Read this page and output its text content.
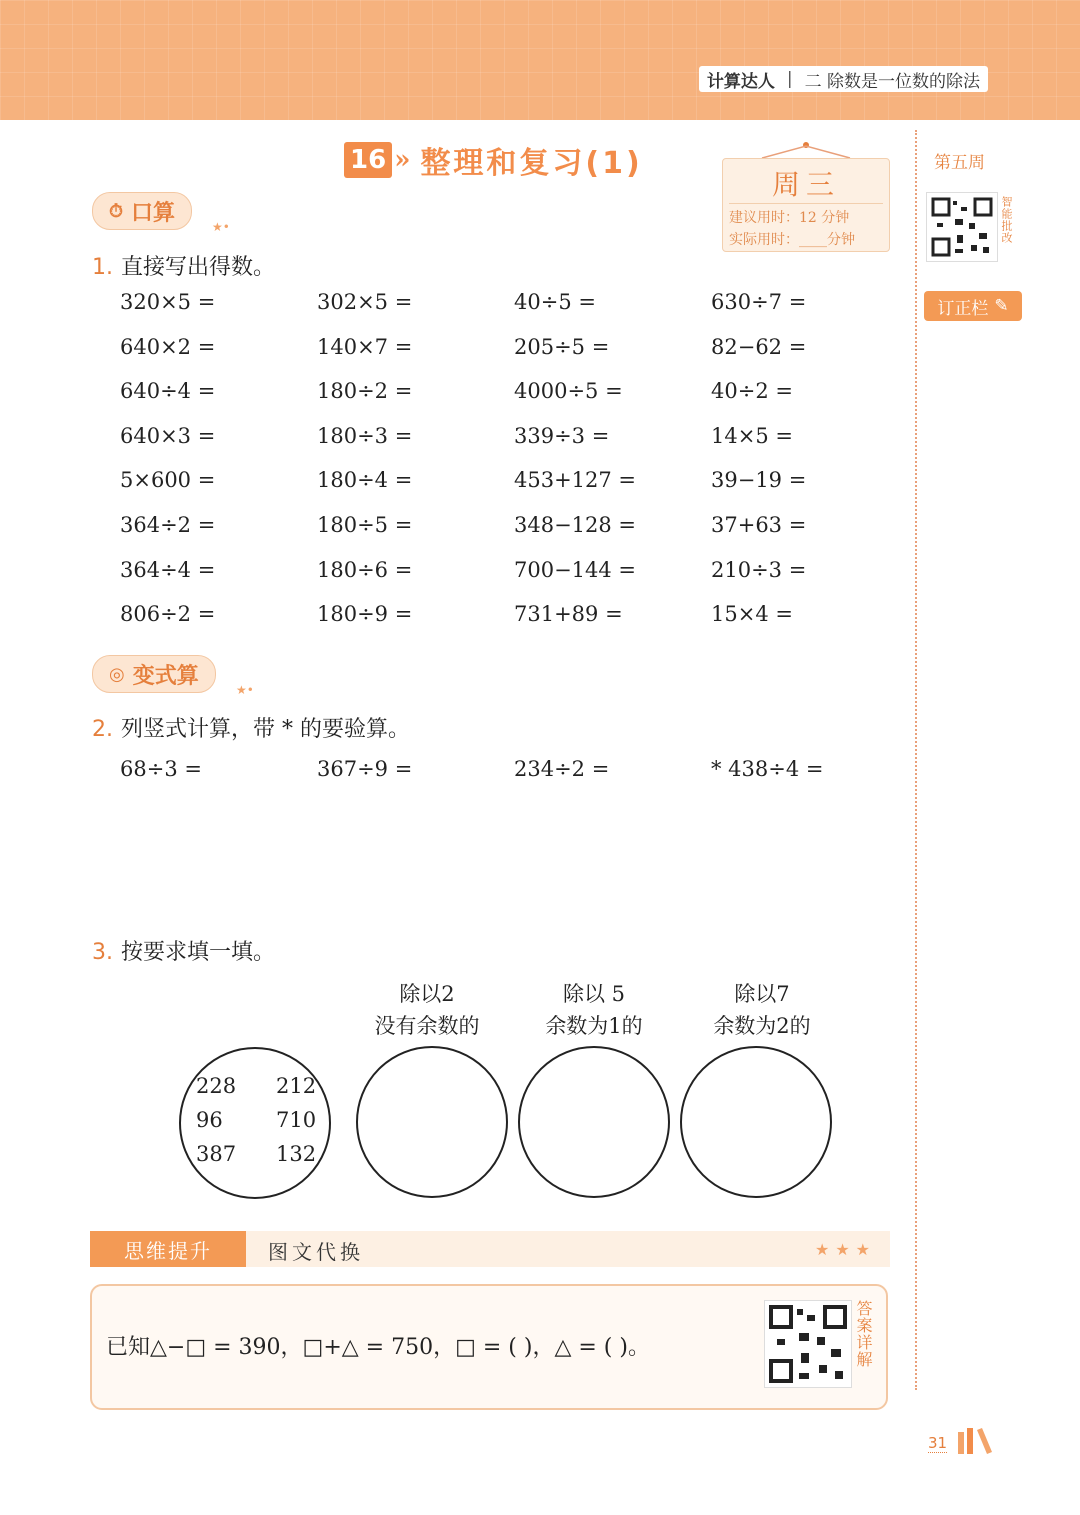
计算达人 | 二 除数是一位数的除法
16 » 整理和复习(1)
周三
建议用时：12 分钟
实际用时：____分钟
第五周
智能批改
订正栏 ✎
⏱ 口算
★•
1. 直接写出得数。
320×5 =	302×5 =	40÷5 =	630÷7 =
640×2 =	140×7 =	205÷5 =	82−62 =
640÷4 =	180÷2 =	4000÷5 =	40÷2 =
640×3 =	180÷3 =	339÷3 =	14×5 =
5×600 =	180÷4 =	453+127 =	39−19 =
364÷2 =	180÷5 =	348−128 =	37+63 =
364÷4 =	180÷6 =	700−144 =	210÷3 =
806÷2 =	180÷9 =	731+89 =	15×4 =
◎ 变式算
★•
2. 列竖式计算，带 * 的要验算。
68÷3 =	367÷9 =	234÷2 =	* 438÷4 =
3. 按要求填一填。
除以2
没有余数的
除以 5
余数为1的
除以7
余数为2的
228 212
96	710
387 132
思维提升	图文代换	★★★
已知△−□ = 390，□+△ = 750，□ = ( )，△ = ( )。	答案详解
31
